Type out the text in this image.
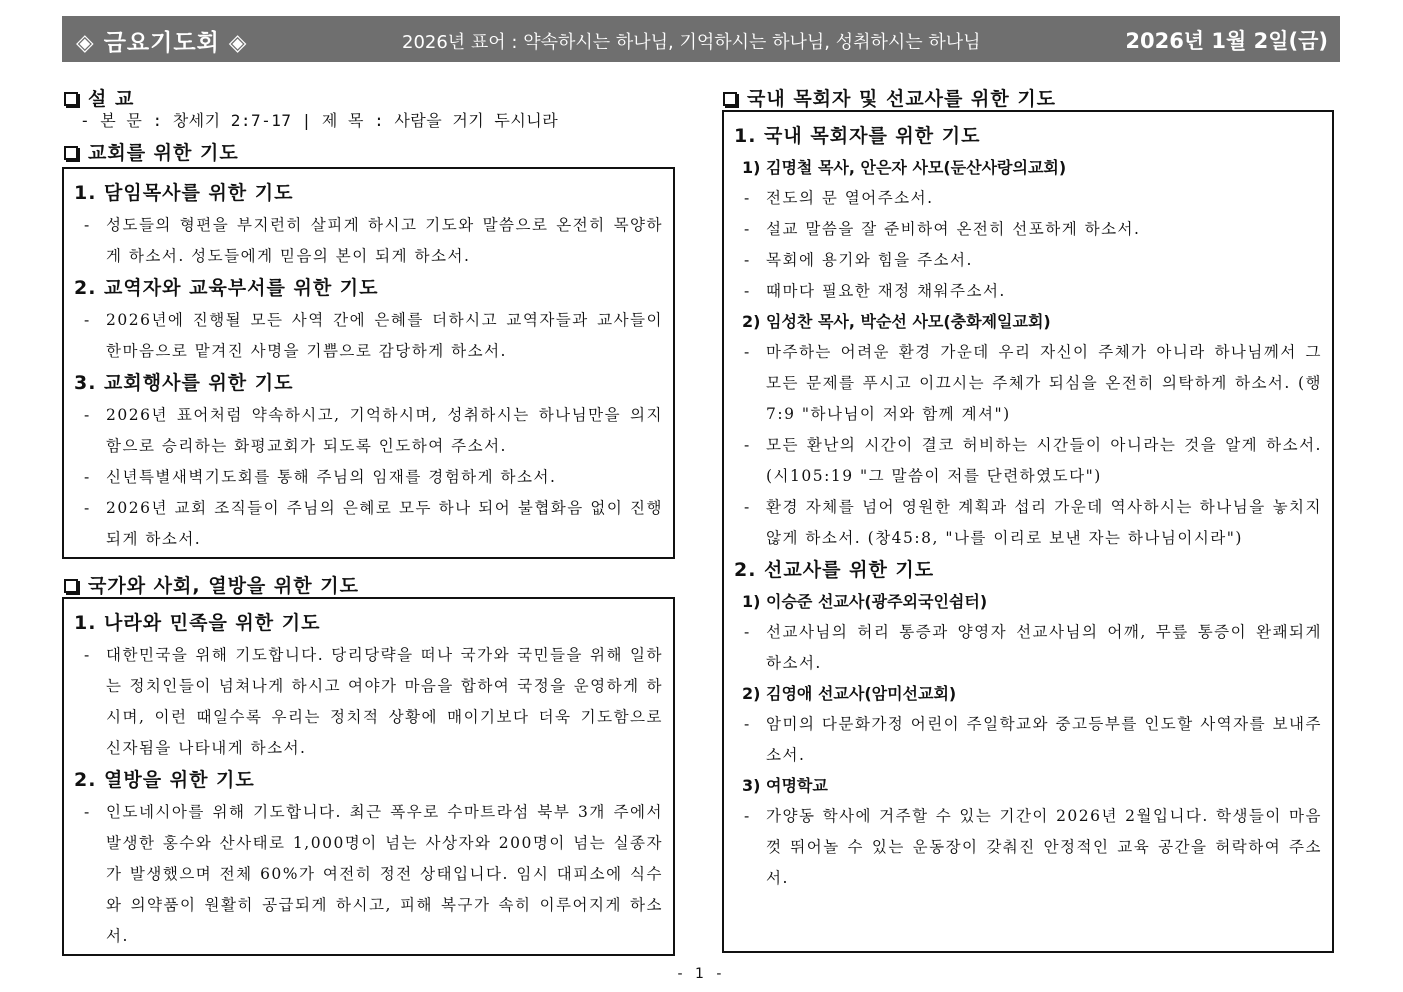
◈ 금요기도회 ◈	2026년 표어 : 약속하시는 하나님, 기억하시는 하나님, 성취하시는 하나님	2026년 1월 2일(금)
설 교
- 본 문 : 창세기 2:7-17 | 제 목 : 사람을 거기 두시니라
교회를 위한 기도
1. 담임목사를 위한 기도
- 성도들의 형편을 부지런히 살피게 하시고 기도와 말씀으로 온전히 목양하게 하소서. 성도들에게 믿음의 본이 되게 하소서.
2. 교역자와 교육부서를 위한 기도
- 2026년에 진행될 모든 사역 간에 은혜를 더하시고 교역자들과 교사들이 한마음으로 맡겨진 사명을 기쁨으로 감당하게 하소서.
3. 교회행사를 위한 기도
- 2026년 표어처럼 약속하시고, 기억하시며, 성취하시는 하나님만을 의지함으로 승리하는 화평교회가 되도록 인도하여 주소서.
- 신년특별새벽기도회를 통해 주님의 임재를 경험하게 하소서.
- 2026년 교회 조직들이 주님의 은혜로 모두 하나 되어 불협화음 없이 진행되게 하소서.
국가와 사회, 열방을 위한 기도
1. 나라와 민족을 위한 기도
- 대한민국을 위해 기도합니다. 당리당략을 떠나 국가와 국민들을 위해 일하는 정치인들이 넘쳐나게 하시고 여야가 마음을 합하여 국정을 운영하게 하시며, 이런 때일수록 우리는 정치적 상황에 매이기보다 더욱 기도함으로 신자됨을 나타내게 하소서.
2. 열방을 위한 기도
- 인도네시아를 위해 기도합니다. 최근 폭우로 수마트라섬 북부 3개 주에서 발생한 홍수와 산사태로 1,000명이 넘는 사상자와 200명이 넘는 실종자가 발생했으며 전체 60%가 여전히 정전 상태입니다. 임시 대피소에 식수와 의약품이 원활히 공급되게 하시고, 피해 복구가 속히 이루어지게 하소서.
국내 목회자 및 선교사를 위한 기도
1. 국내 목회자를 위한 기도
1) 김명철 목사, 안은자 사모(둔산사랑의교회)
- 전도의 문 열어주소서.
- 설교 말씀을 잘 준비하여 온전히 선포하게 하소서.
- 목회에 용기와 힘을 주소서.
- 때마다 필요한 재정 채워주소서.
2) 임성찬 목사, 박순선 사모(충화제일교회)
- 마주하는 어려운 환경 가운데 우리 자신이 주체가 아니라 하나님께서 그 모든 문제를 푸시고 이끄시는 주체가 되심을 온전히 의탁하게 하소서. (행7:9 "하나님이 저와 함께 계셔")
- 모든 환난의 시간이 결코 허비하는 시간들이 아니라는 것을 알게 하소서. (시105:19 "그 말씀이 저를 단련하였도다")
- 환경 자체를 넘어 영원한 계획과 섭리 가운데 역사하시는 하나님을 놓치지 않게 하소서. (창45:8, "나를 이리로 보낸 자는 하나님이시라")
2. 선교사를 위한 기도
1) 이승준 선교사(광주외국인쉼터)
- 선교사님의 허리 통증과 양영자 선교사님의 어깨, 무릎 통증이 완쾌되게 하소서.
2) 김영애 선교사(암미선교회)
- 암미의 다문화가정 어린이 주일학교와 중고등부를 인도할 사역자를 보내주소서.
3) 여명학교
- 가양동 학사에 거주할 수 있는 기간이 2026년 2월입니다. 학생들이 마음껏 뛰어놀 수 있는 운동장이 갖춰진 안정적인 교육 공간을 허락하여 주소서.
- 1 -
